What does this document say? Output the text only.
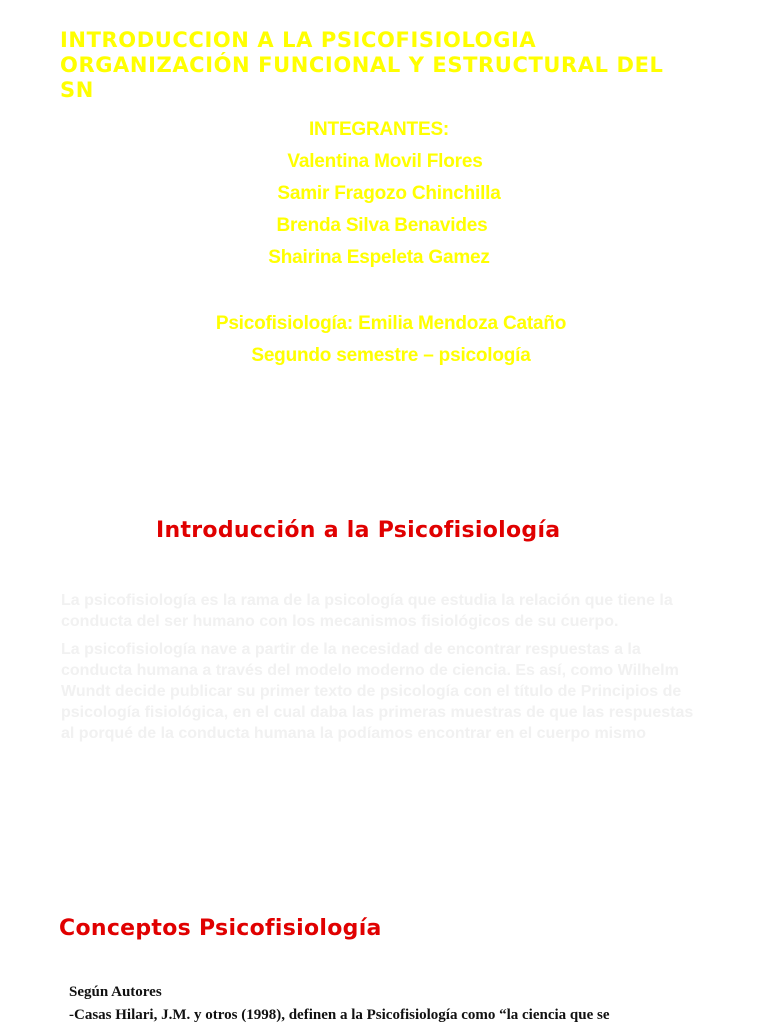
INTRODUCCION A LA PSICOFISIOLOGIA
ORGANIZACIÓN FUNCIONAL Y ESTRUCTURAL DEL
SN
INTEGRANTES:
Valentina Movil Flores
Samir Fragozo Chinchilla
Brenda Silva Benavides
Shairina Espeleta Gamez
Psicofisiología: Emilia Mendoza Cataño
Segundo semestre – psicología
Introducción a la Psicofisiología

La psicofisiología es la rama de la psicología que estudia la relación que tiene la conducta del ser humano con los mecanismos fisiológicos de su cuerpo.

La psicofisiología nave a partir de la necesidad de encontrar respuestas a la conducta humana a través del modelo moderno de ciencia. Es así, como Wilhelm Wundt decide publicar su primer texto de psicología con el título de Principios de psicología fisiológica, en el cual daba las primeras muestras de que las respuestas al porqué de la conducta humana la podíamos encontrar en el cuerpo mismo

Conceptos Psicofisiología
Según Autores
-Casas Hilari, J.M. y otros (1998), definen a la Psicofisiología como “la ciencia que se
